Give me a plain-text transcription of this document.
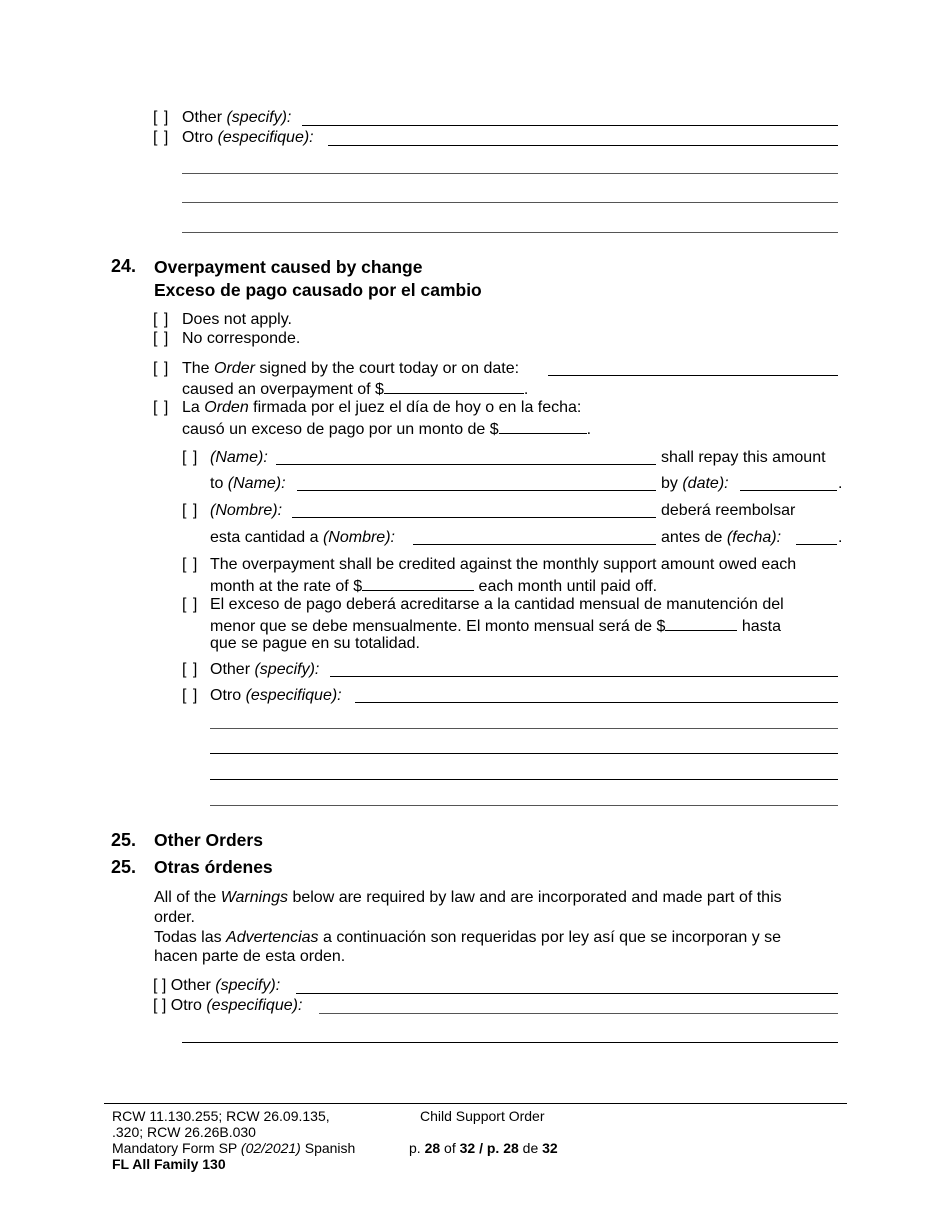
[ ] Other (specify):
[ ] Otro (especifique):
24. Overpayment caused by change
Exceso de pago causado por el cambio
[ ] Does not apply.
[ ] No corresponde.
[ ] The Order signed by the court today or on date:
caused an overpayment of $	.
[ ] La Orden firmada por el juez el día de hoy o en la fecha:
causó un exceso de pago por un monto de $	.
[ ] (Name):	shall repay this amount
to (Name):	by (date):	.
[ ] (Nombre):	deberá reembolsar
esta cantidad a (Nombre):	antes de (fecha):	.
[ ] The overpayment shall be credited against the monthly support amount owed each
month at the rate of $	each month until paid off.
[ ] El exceso de pago deberá acreditarse a la cantidad mensual de manutención del
menor que se debe mensualmente. El monto mensual será de $	hasta
que se pague en su totalidad.
[ ] Other (specify):
[ ] Otro (especifique):
25. Other Orders
25. Otras órdenes
All of the Warnings below are required by law and are incorporated and made part of this
order.
Todas las Advertencias a continuación son requeridas por ley así que se incorporan y se
hacen parte de esta orden.
[ ] Other (specify):
[ ] Otro (especifique):
RCW 11.130.255; RCW 26.09.135,
.320; RCW 26.26B.030
Mandatory Form SP (02/2021) Spanish
FL All Family 130
Child Support Order
p. 28 of 32 / p. 28 de 32
